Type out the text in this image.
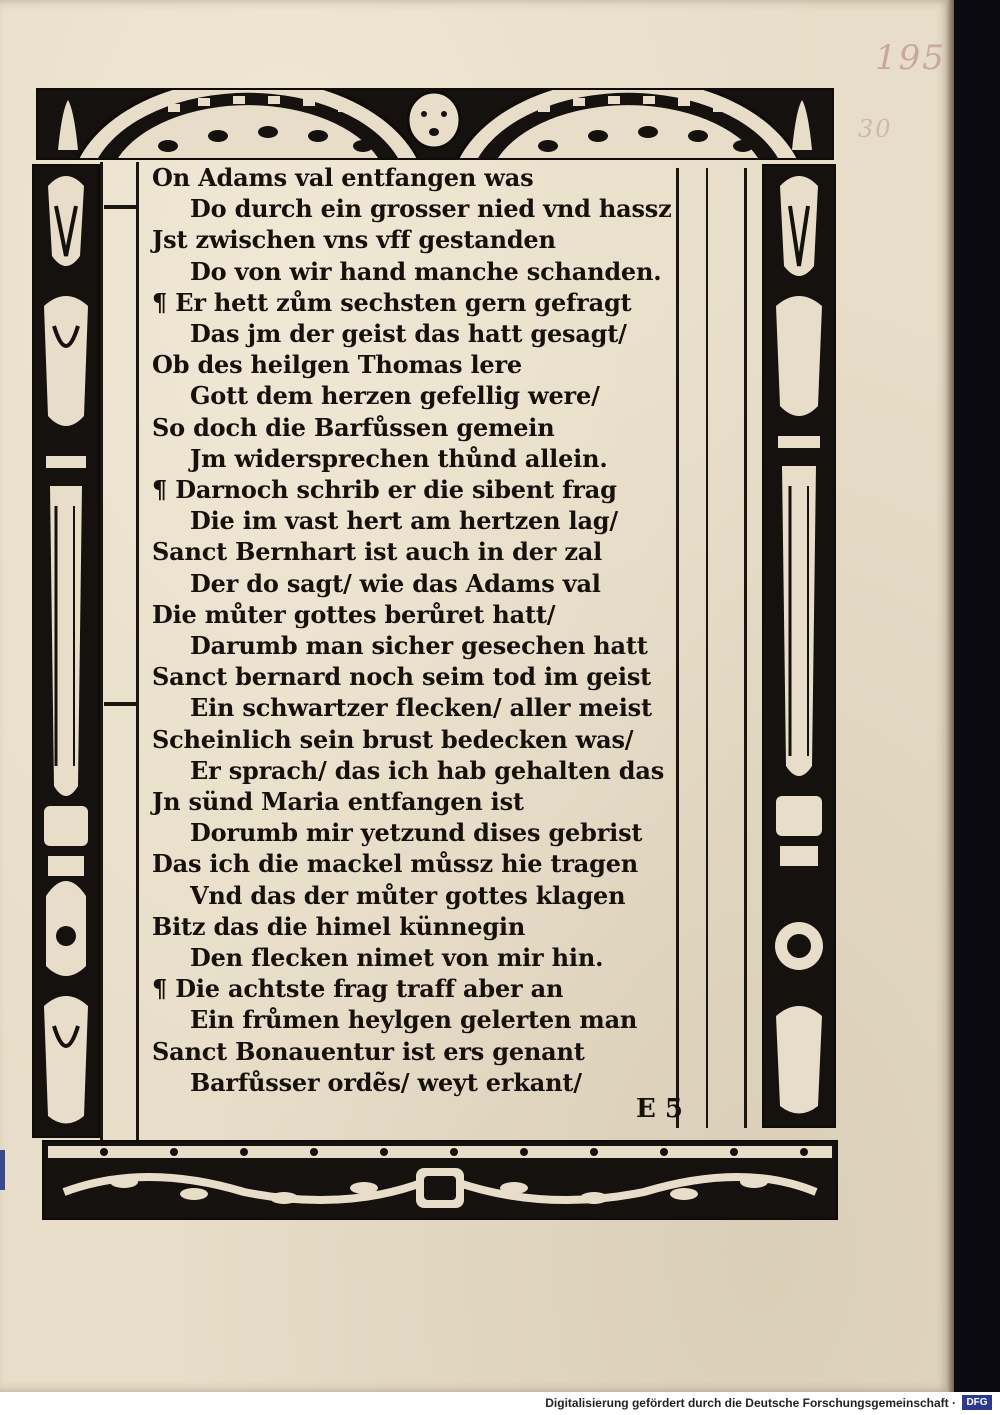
195
30
On Adams val entfangen was
Do durch ein grosser nied vnd hassz
Jst zwischen vns vff gestanden
Do von wir hand manche schanden.
¶ Er hett zům sechsten gern gefragt
Das jm der geist das hatt gesagt/
Ob des heilgen Thomas lere
Gott dem herzen gefellig were/
So doch die Barfůssen gemein
Jm widersprechen thůnd allein.
¶ Darnoch schrib er die sibent frag
Die im vast hert am hertzen lag/
Sanct Bernhart ist auch in der zal
Der do sagt/ wie das Adams val
Die můter gottes berůret hatt/
Darumb man sicher gesechen hatt
Sanct bernard noch seim tod im geist
Ein schwartzer flecken/ aller meist
Scheinlich sein brust bedecken was/
Er sprach/ das ich hab gehalten das
Jn sünd Maria entfangen ist
Dorumb mir yetzund dises gebrist
Das ich die mackel můssz hie tragen
Vnd das der můter gottes klagen
Bitz das die himel künnegin
Den flecken nimet von mir hin.
¶ Die achtste frag traff aber an
Ein frůmen heylgen gelerten man
Sanct Bonauentur ist ers genant
Barfůsser ordẽs/ weyt erkant/
E 5
Digitalisierung gefördert durch die Deutsche Forschungsgemeinschaft ·	DFG
